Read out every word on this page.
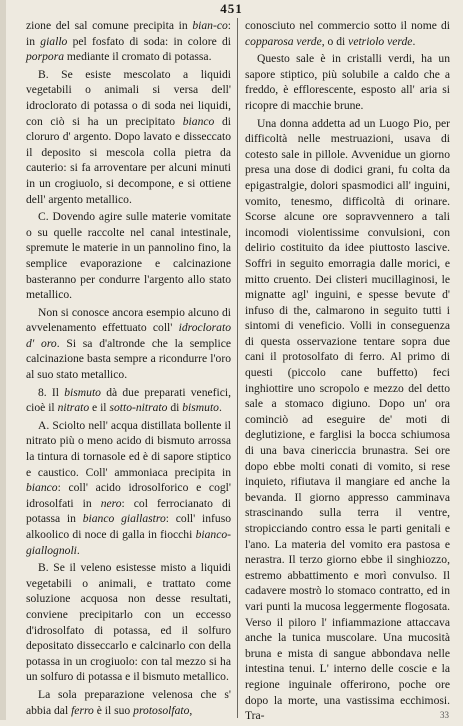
451

zione del sal comune precipita in bian-co: in giallo pel fosfato di soda: in colore di porpora mediante il cromato di potassa.

B. Se esiste mescolato a liquidi vegetabili o animali si versa dell' idroclorato di potassa o di soda nei liquidi, con ciò si ha un precipitato bianco di cloruro d' argento. Dopo lavato e disseccato il deposito si mescola colla pietra da cauterio: si fa arroventare per alcuni minuti in un crogiuolo, si decompone, e si ottiene dell' argento metallico.

C. Dovendo agire sulle materie vomitate o su quelle raccolte nel canal intestinale, spremute le materie in un pannolino fino, la semplice evaporazione e calcinazione basteranno per condurre l'argento allo stato metallico.

Non si conosce ancora esempio alcuno di avvelenamento effettuato coll' idroclorato d' oro. Si sa d'altronde che la semplice calcinazione basta sempre a ricondurre l'oro al suo stato metallico.

8. Il bismuto dà due preparati venefici, cioè il nitrato e il sotto-nitrato di bismuto.

A. Sciolto nell' acqua distillata bollente il nitrato più o meno acido di bismuto arrossa la tintura di tornasole ed è di sapore stiptico e caustico. Coll' ammoniaca precipita in bianco: coll' acido idrosolforico e cogl' idrosolfati in nero: col ferrocianato di potassa in bianco giallastro: coll' infuso alkoolico di noce di galla in fiocchi bianco-giallognoli.

B. Se il veleno esistesse misto a liquidi vegetabili o animali, e trattato come soluzione acquosa non desse resultati, conviene precipitarlo con un eccesso d'idrosolfato di potassa, ed il solfuro depositato disseccarlo e calcinarlo con della potassa in un crogiuolo: con tal mezzo si ha un solfuro di potassa e il bismuto metallico.

La sola preparazione velenosa che s' abbia dal ferro è il suo protosolfato,

conosciuto nel commercio sotto il nome di copparosa verde, o di vetriolo verde.

Questo sale è in cristalli verdi, ha un sapore stiptico, più solubile a caldo che a freddo, è efflorescente, esposto all' aria si ricopre di macchie brune.

Una donna addetta ad un Luogo Pio, per difficoltà nelle mestruazioni, usava di cotesto sale in pillole. Avvenidue un giorno presa una dose di dodici grani, fu colta da epigastralgie, dolori spasmodici all' inguini, vomito, tenesmo, difficoltà di orinare. Scorse alcune ore sopravvennero a tali incomodi violentissime convulsioni, con delirio costituito da idee piuttosto lascive. Soffri in seguito emorragia dalle morici, e mitto cruento. Dei clisteri mucillaginosi, le mignatte agl' inguini, e spesse bevute d' infuso di the, calmarono in seguito tutti i sintomi di veneficio. Volli in conseguenza di questa osservazione tentare sopra due cani il protosolfato di ferro. Al primo di questi (piccolo cane buffetto) feci inghiottire uno scropolo e mezzo del detto sale a stomaco digiuno. Dopo un' ora cominciò ad eseguire de' moti di deglutizione, e farglisi la bocca schiumosa di una bava cinericcia brunastra. Sei ore dopo ebbe molti conati di vomito, si rese inquieto, rifiutava il mangiare ed anche la bevanda. Il giorno appresso camminava strascinando sulla terra il ventre, stropicciando contro essa le parti genitali e l'ano. La materia del vomito era pastosa e nerastra. Il terzo giorno ebbe il singhiozzo, estremo abbattimento e morì convulso. Il cadavere mostrò lo stomaco contratto, ed in vari punti la mucosa leggermente flogosata. Verso il piloro l' infiammazione attaccava anche la tunica muscolare. Una mucosità bruna e mista di sangue abbondava nelle intestina tenui. L' interno delle coscie e la regione inguinale offerirono, poche ore dopo la morte, una vastissima ecchimosi. Tra-	33
